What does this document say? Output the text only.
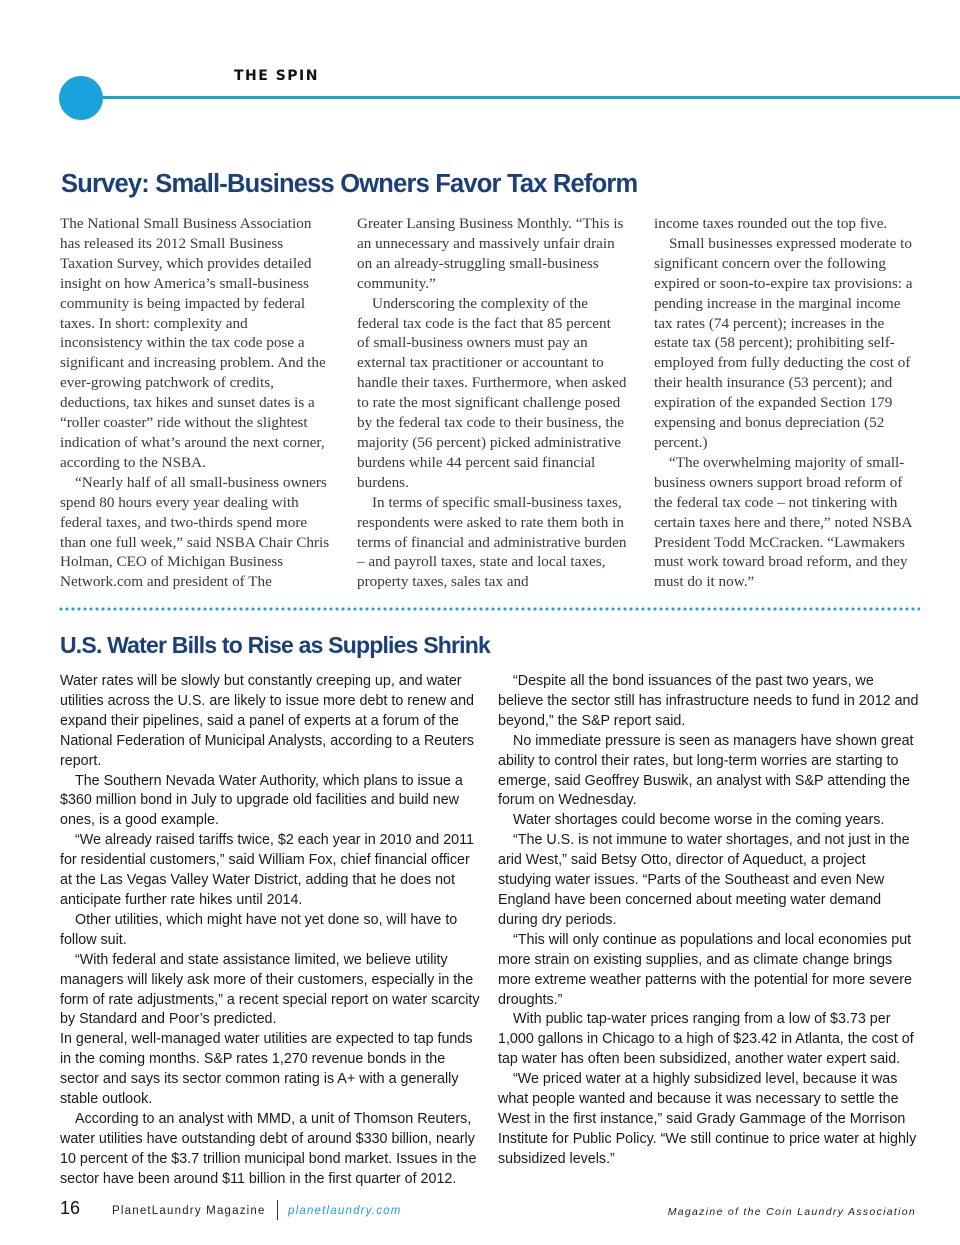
THE SPIN
Survey: Small-Business Owners Favor Tax Reform

The National Small Business Association has released its 2012 Small Business Taxation Survey, which provides detailed insight on how America’s small-business community is being impacted by federal taxes. In short: complexity and inconsistency within the tax code pose a significant and increasing problem. And the ever-growing patchwork of credits, deductions, tax hikes and sunset dates is a “roller coaster” ride without the slightest indication of what’s around the next corner, according to the NSBA.

“Nearly half of all small-business owners spend 80 hours every year dealing with federal taxes, and two-thirds spend more than one full week,” said NSBA Chair Chris Holman, CEO of Michigan Business Network.com and president of The

Greater Lansing Business Monthly. “This is an unnecessary and massively unfair drain on an already-struggling small-business community.”

Underscoring the complexity of the federal tax code is the fact that 85 percent of small-business owners must pay an external tax practitioner or accountant to handle their taxes. Furthermore, when asked to rate the most significant challenge posed by the federal tax code to their business, the majority (56 percent) picked administrative burdens while 44 percent said financial burdens.

In terms of specific small-business taxes, respondents were asked to rate them both in terms of financial and administrative burden – and payroll taxes, state and local taxes, property taxes, sales tax and

income taxes rounded out the top five.

Small businesses expressed moderate to significant concern over the following expired or soon-to-expire tax provisions: a pending increase in the marginal income tax rates (74 percent); increases in the estate tax (58 percent); prohibiting self-employed from fully deducting the cost of their health insurance (53 percent); and expiration of the expanded Section 179 expensing and bonus depreciation (52 percent.)

“The overwhelming majority of small-business owners support broad reform of the federal tax code – not tinkering with certain taxes here and there,” noted NSBA President Todd McCracken. “Lawmakers must work toward broad reform, and they must do it now.”

U.S. Water Bills to Rise as Supplies Shrink

Water rates will be slowly but constantly creeping up, and water utilities across the U.S. are likely to issue more debt to renew and expand their pipelines, said a panel of experts at a forum of the National Federation of Municipal Analysts, according to a Reuters report.

The Southern Nevada Water Authority, which plans to issue a $360 million bond in July to upgrade old facilities and build new ones, is a good example.

“We already raised tariffs twice, $2 each year in 2010 and 2011 for residential customers,” said William Fox, chief financial officer at the Las Vegas Valley Water District, adding that he does not anticipate further rate hikes until 2014.

Other utilities, which might have not yet done so, will have to follow suit.

“With federal and state assistance limited, we believe utility managers will likely ask more of their customers, especially in the form of rate adjustments,” a recent special report on water scarcity by Standard and Poor’s predicted.

In general, well-managed water utilities are expected to tap funds in the coming months. S&P rates 1,270 revenue bonds in the sector and says its sector common rating is A+ with a generally stable outlook.

According to an analyst with MMD, a unit of Thomson Reuters, water utilities have outstanding debt of around $330 billion, nearly 10 percent of the $3.7 trillion municipal bond market. Issues in the sector have been around $11 billion in the first quarter of 2012.

“Despite all the bond issuances of the past two years, we believe the sector still has infrastructure needs to fund in 2012 and beyond,” the S&P report said.

No immediate pressure is seen as managers have shown great ability to control their rates, but long-term worries are starting to emerge, said Geoffrey Buswik, an analyst with S&P attending the forum on Wednesday.

Water shortages could become worse in the coming years.

“The U.S. is not immune to water shortages, and not just in the arid West,” said Betsy Otto, director of Aqueduct, a project studying water issues. “Parts of the Southeast and even New England have been concerned about meeting water demand during dry periods.

“This will only continue as populations and local economies put more strain on existing supplies, and as climate change brings more extreme weather patterns with the potential for more severe droughts.”

With public tap-water prices ranging from a low of $3.73 per 1,000 gallons in Chicago to a high of $23.42 in Atlanta, the cost of tap water has often been subsidized, another water expert said.

“We priced water at a highly subsidized level, because it was what people wanted and because it was necessary to settle the West in the first instance,” said Grady Gammage of the Morrison Institute for Public Policy. “We still continue to price water at highly subsidized levels.”

16	PlanetLaundry Magazine planetlaundry.com	Magazine of the Coin Laundry Association
